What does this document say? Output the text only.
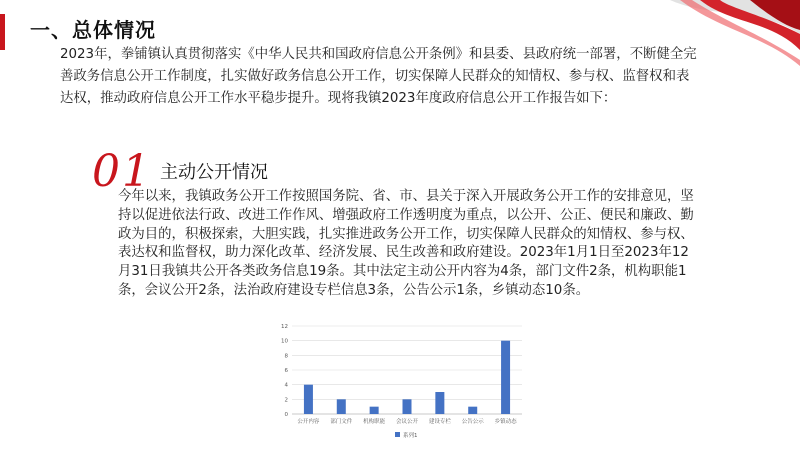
一、总体情况

2023年，拳铺镇认真贯彻落实《中华人民共和国政府信息公开条例》和县委、县政府统一部署，不断健全完善政务信息公开工作制度，扎实做好政务信息公开工作，切实保障人民群众的知情权、参与权、监督权和表达权，推动政府信息公开工作水平稳步提升。现将我镇2023年度政府信息公开工作报告如下：

01 主动公开情况

今年以来，我镇政务公开工作按照国务院、省、市、县关于深入开展政务公开工作的安排意见，坚持以促进依法行政、改进工作作风、增强政府工作透明度为重点，以公开、公正、便民和廉政、勤政为目的，积极探索，大胆实践，扎实推进政务公开工作，切实保障人民群众的知情权、参与权、表达权和监督权，助力深化改革、经济发展、民生改善和政府建设。2023年1月1日至2023年12月31日我镇共公开各类政务信息19条。其中法定主动公开内容为4条，部门文件2条，机构职能1条，会议公开2条，法治政府建设专栏信息3条，公告公示1条，乡镇动态10条。

0
2
4
6
8
10
12
公开内容 部门文件 机构职能 会议公开 建设专栏 公告公示 乡镇动态
系列1
